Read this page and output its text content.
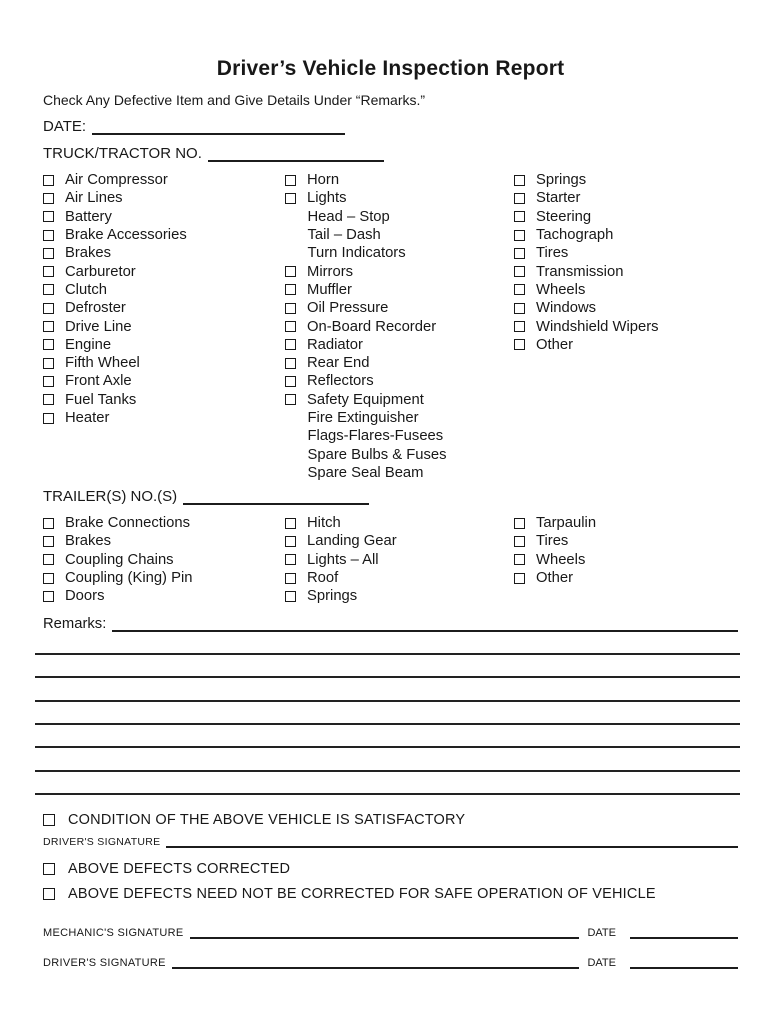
Driver’s Vehicle Inspection Report
Check Any Defective Item and Give Details Under “Remarks.”
DATE:
TRUCK/TRACTOR NO.
Air Compressor
Air Lines
Battery
Brake Accessories
Brakes
Carburetor
Clutch
Defroster
Drive Line
Engine
Fifth Wheel
Front Axle
Fuel Tanks
Heater
Horn
Lights
Head – Stop
Tail – Dash
Turn Indicators
Mirrors
Muffler
Oil Pressure
On-Board Recorder
Radiator
Rear End
Reflectors
Safety Equipment
Fire Extinguisher
Flags-Flares-Fusees
Spare Bulbs & Fuses
Spare Seal Beam
Springs
Starter
Steering
Tachograph
Tires
Transmission
Wheels
Windows
Windshield Wipers
Other
TRAILER(S) NO.(S)
Brake Connections
Brakes
Coupling Chains
Coupling (King) Pin
Doors
Hitch
Landing Gear
Lights – All
Roof
Springs
Tarpaulin
Tires
Wheels
Other
Remarks:
CONDITION OF THE ABOVE VEHICLE IS SATISFACTORY
DRIVER'S SIGNATURE
ABOVE DEFECTS CORRECTED
ABOVE DEFECTS NEED NOT BE CORRECTED FOR SAFE OPERATION OF VEHICLE
MECHANIC'S SIGNATURE	DATE
DRIVER'S SIGNATURE	DATE
